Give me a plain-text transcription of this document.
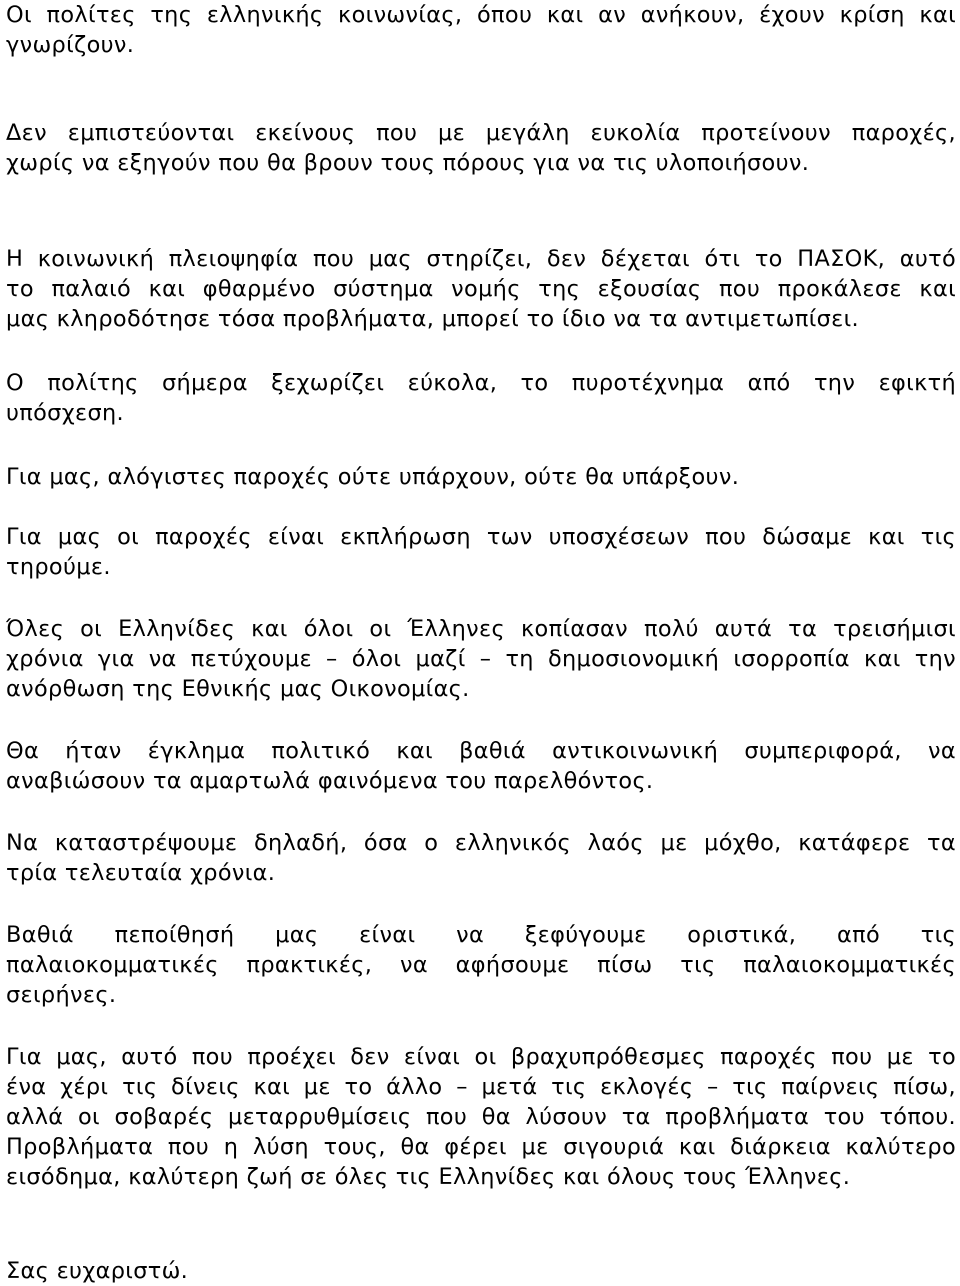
Οι πολίτες της ελληνικής κοινωνίας, όπου και αν ανήκουν, έχουν κρίση και
γνωρίζουν.
Δεν εμπιστεύονται εκείνους που με μεγάλη ευκολία προτείνουν παροχές,
χωρίς να εξηγούν που θα βρουν τους πόρους για να τις υλοποιήσουν.
Η κοινωνική πλειοψηφία που μας στηρίζει, δεν δέχεται ότι το ΠΑΣΟΚ, αυτό
το παλαιό και φθαρμένο σύστημα νομής της εξουσίας που προκάλεσε και
μας κληροδότησε τόσα προβλήματα, μπορεί το ίδιο να τα αντιμετωπίσει.
Ο πολίτης σήμερα ξεχωρίζει εύκολα, το πυροτέχνημα από την εφικτή
υπόσχεση.
Για μας, αλόγιστες παροχές ούτε υπάρχουν, ούτε θα υπάρξουν.
Για μας οι παροχές είναι εκπλήρωση των υποσχέσεων που δώσαμε και τις
τηρούμε.
Όλες οι Ελληνίδες και όλοι οι Έλληνες κοπίασαν πολύ αυτά τα τρεισήμισι
χρόνια για να πετύχουμε – όλοι μαζί – τη δημοσιονομική ισορροπία και την
ανόρθωση της Εθνικής μας Οικονομίας.
Θα ήταν έγκλημα πολιτικό και βαθιά αντικοινωνική συμπεριφορά, να
αναβιώσουν τα αμαρτωλά φαινόμενα του παρελθόντος.
Να καταστρέψουμε δηλαδή, όσα ο ελληνικός λαός με μόχθο, κατάφερε τα
τρία τελευταία χρόνια.
Βαθιά πεποίθησή μας είναι να ξεφύγουμε οριστικά, από τις
παλαιοκομματικές πρακτικές, να αφήσουμε πίσω τις παλαιοκομματικές
σειρήνες.
Για μας, αυτό που προέχει δεν είναι οι βραχυπρόθεσμες παροχές που με το
ένα χέρι τις δίνεις και με το άλλο – μετά τις εκλογές – τις παίρνεις πίσω,
αλλά οι σοβαρές μεταρρυθμίσεις που θα λύσουν τα προβλήματα του τόπου.
Προβλήματα που η λύση τους, θα φέρει με σιγουριά και διάρκεια καλύτερο
εισόδημα, καλύτερη ζωή σε όλες τις Ελληνίδες και όλους τους Έλληνες.
Σας ευχαριστώ.
